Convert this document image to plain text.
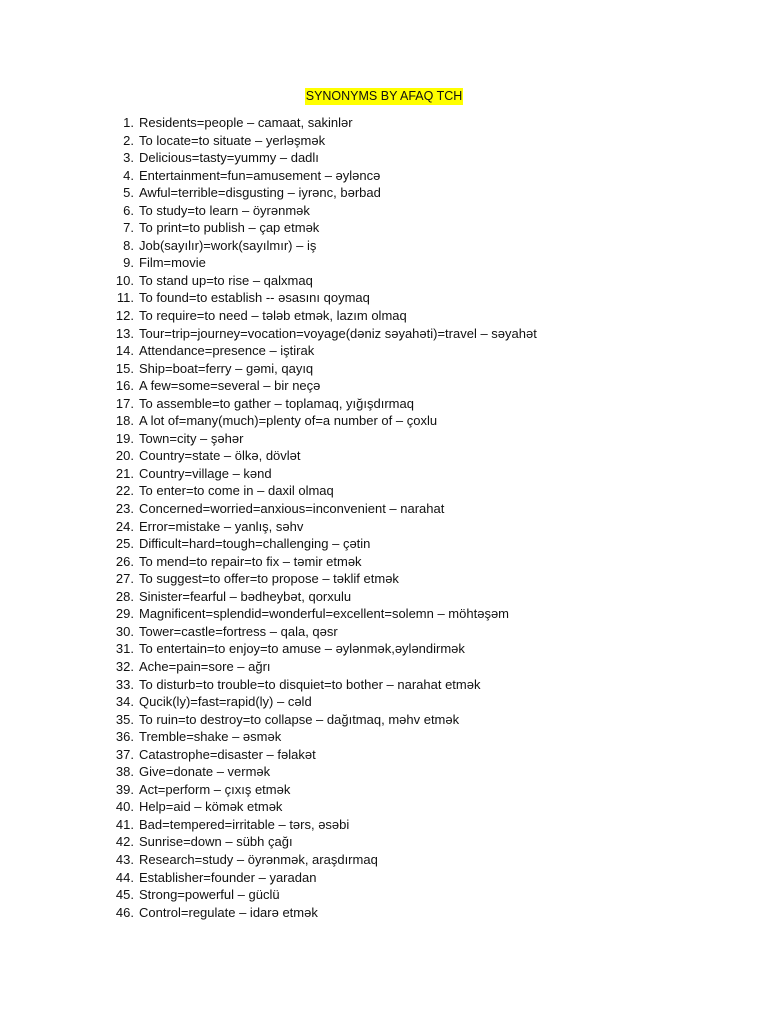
SYNONYMS BY AFAQ TCH
1. Residents=people – camaat, sakinlər
2. To locate=to situate – yerləşmək
3. Delicious=tasty=yummy – dadlı
4. Entertainment=fun=amusement – əyləncə
5. Awful=terrible=disgusting – iyrənc, bərbad
6. To study=to learn – öyrənmək
7. To print=to publish – çap etmək
8. Job(sayılır)=work(sayılmır) – iş
9. Film=movie
10. To stand up=to rise – qalxmaq
11. To found=to establish -- əsasını qoymaq
12. To require=to need – tələb etmək, lazım olmaq
13. Tour=trip=journey=vocation=voyage(dəniz səyahəti)=travel – səyahət
14. Attendance=presence – iştirak
15. Ship=boat=ferry – gəmi, qayıq
16. A few=some=several – bir neçə
17. To assemble=to gather – toplamaq, yığışdırmaq
18. A lot of=many(much)=plenty of=a number of – çoxlu
19. Town=city – şəhər
20. Country=state – ölkə, dövlət
21. Country=village – kənd
22. To enter=to come in – daxil olmaq
23. Concerned=worried=anxious=inconvenient – narahat
24. Error=mistake – yanlış, səhv
25. Difficult=hard=tough=challenging – çətin
26. To mend=to repair=to fix – təmir etmək
27. To suggest=to offer=to propose – təklif etmək
28. Sinister=fearful – bədheybət, qorxulu
29. Magnificent=splendid=wonderful=excellent=solemn – möhtəşəm
30. Tower=castle=fortress – qala, qəsr
31. To entertain=to enjoy=to amuse – əylənmək,əyləndirmək
32. Ache=pain=sore – ağrı
33. To disturb=to trouble=to disquiet=to bother – narahat etmək
34. Qucik(ly)=fast=rapid(ly) – cəld
35. To ruin=to destroy=to collapse – dağıtmaq, məhv etmək
36. Tremble=shake – əsmək
37. Catastrophe=disaster – fəlakət
38. Give=donate – vermək
39. Act=perform – çıxış etmək
40. Help=aid – kömək etmək
41. Bad=tempered=irritable – tərs, əsəbi
42. Sunrise=down – sübh çağı
43. Research=study – öyrənmək, araşdırmaq
44. Establisher=founder – yaradan
45. Strong=powerful – güclü
46. Control=regulate – idarə etmək
